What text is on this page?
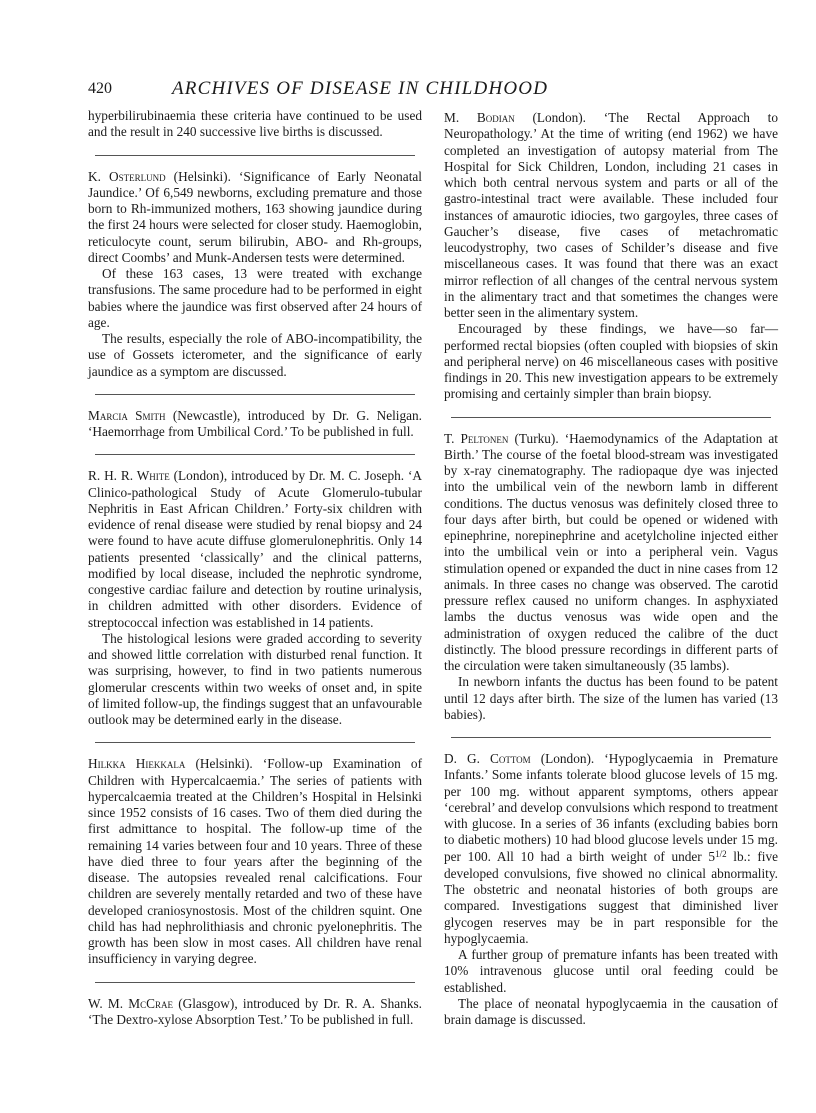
420	ARCHIVES OF DISEASE IN CHILDHOOD

hyperbilirubinaemia these criteria have continued to be used and the result in 240 successive live births is discussed.

K. Osterlund (Helsinki). ‘Significance of Early Neonatal Jaundice.’ Of 6,549 newborns, excluding premature and those born to Rh-immunized mothers, 163 showing jaundice during the first 24 hours were selected for closer study. Haemoglobin, reticulocyte count, serum bilirubin, ABO- and Rh-groups, direct Coombs’ and Munk-Andersen tests were determined.

Of these 163 cases, 13 were treated with exchange transfusions. The same procedure had to be performed in eight babies where the jaundice was first observed after 24 hours of age.

The results, especially the role of ABO-incompatibility, the use of Gossets icterometer, and the significance of early jaundice as a symptom are discussed.

Marcia Smith (Newcastle), introduced by Dr. G. Neligan. ‘Haemorrhage from Umbilical Cord.’ To be published in full.

R. H. R. White (London), introduced by Dr. M. C. Joseph. ‘A Clinico-pathological Study of Acute Glomerulo-tubular Nephritis in East African Children.’ Forty-six children with evidence of renal disease were studied by renal biopsy and 24 were found to have acute diffuse glomerulonephritis. Only 14 patients presented ‘classically’ and the clinical patterns, modified by local disease, included the nephrotic syndrome, congestive cardiac failure and detection by routine urinalysis, in children admitted with other disorders. Evidence of streptococcal infection was established in 14 patients.

The histological lesions were graded according to severity and showed little correlation with disturbed renal function. It was surprising, however, to find in two patients numerous glomerular crescents within two weeks of onset and, in spite of limited follow-up, the findings suggest that an unfavourable outlook may be determined early in the disease.

Hilkka Hiekkala (Helsinki). ‘Follow-up Examination of Children with Hypercalcaemia.’ The series of patients with hypercalcaemia treated at the Children’s Hospital in Helsinki since 1952 consists of 16 cases. Two of them died during the first admittance to hospital. The follow-up time of the remaining 14 varies between four and 10 years. Three of these have died three to four years after the beginning of the disease. The autopsies revealed renal calcifications. Four children are severely mentally retarded and two of these have developed craniosynostosis. Most of the children squint. One child has had nephrolithiasis and chronic pyelonephritis. The growth has been slow in most cases. All children have renal insufficiency in varying degree.

W. M. McCrae (Glasgow), introduced by Dr. R. A. Shanks. ‘The Dextro-xylose Absorption Test.’ To be published in full.

M. Bodian (London). ‘The Rectal Approach to Neuropathology.’ At the time of writing (end 1962) we have completed an investigation of autopsy material from The Hospital for Sick Children, London, including 21 cases in which both central nervous system and parts or all of the gastro-intestinal tract were available. These included four instances of amaurotic idiocies, two gargoyles, three cases of Gaucher’s disease, five cases of metachromatic leucodystrophy, two cases of Schilder’s disease and five miscellaneous cases. It was found that there was an exact mirror reflection of all changes of the central nervous system in the alimentary tract and that sometimes the changes were better seen in the alimentary system.

Encouraged by these findings, we have—so far—performed rectal biopsies (often coupled with biopsies of skin and peripheral nerve) on 46 miscellaneous cases with positive findings in 20. This new investigation appears to be extremely promising and certainly simpler than brain biopsy.

T. Peltonen (Turku). ‘Haemodynamics of the Adaptation at Birth.’ The course of the foetal blood-stream was investigated by x-ray cinematography. The radiopaque dye was injected into the umbilical vein of the newborn lamb in different conditions. The ductus venosus was definitely closed three to four days after birth, but could be opened or widened with epinephrine, norepinephrine and acetylcholine injected either into the umbilical vein or into a peripheral vein. Vagus stimulation opened or expanded the duct in nine cases from 12 animals. In three cases no change was observed. The carotid pressure reflex caused no uniform changes. In asphyxiated lambs the ductus venosus was wide open and the administration of oxygen reduced the calibre of the duct distinctly. The blood pressure recordings in different parts of the circulation were taken simultaneously (35 lambs).

In newborn infants the ductus has been found to be patent until 12 days after birth. The size of the lumen has varied (13 babies).

D. G. Cottom (London). ‘Hypoglycaemia in Premature Infants.’ Some infants tolerate blood glucose levels of 15 mg. per 100 mg. without apparent symptoms, others appear ‘cerebral’ and develop convulsions which respond to treatment with glucose. In a series of 36 infants (excluding babies born to diabetic mothers) 10 had blood glucose levels under 15 mg. per 100. All 10 had a birth weight of under $5^{1/2}$ lb.: five developed convulsions, five showed no clinical abnormality. The obstetric and neonatal histories of both groups are compared. Investigations suggest that diminished liver glycogen reserves may be in part responsible for the hypoglycaemia.

A further group of premature infants has been treated with 10% intravenous glucose until oral feeding could be established.

The place of neonatal hypoglycaemia in the causation of brain damage is discussed.
